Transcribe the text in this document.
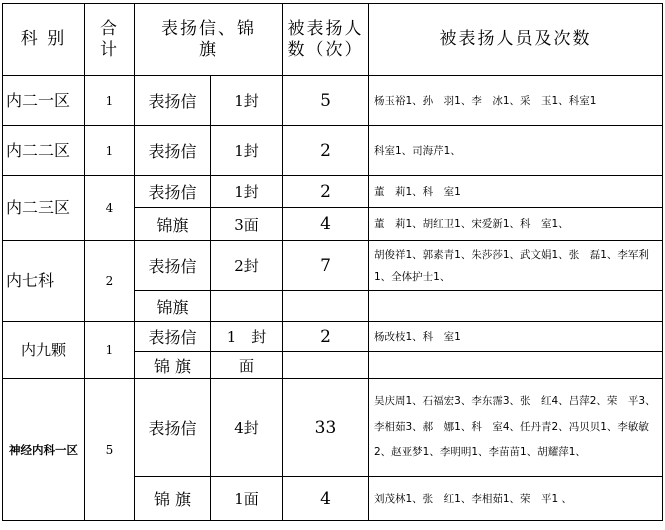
科 别	合计	表扬信、锦旗		被表扬人数（次）	被表扬人员及次数
内二一区	1	表扬信	1封	5	杨玉裕1、孙　羽1、李　冰1、采　玉1、科室1
内二二区	1	表扬信	1封	2	科室1、司海芹1、
内二三区	4	表扬信	1封	2	董　莉1、科　室1
		锦旗	3面	4	董　莉1、胡红卫1、宋爱新1、科　室1、
内七科	2	表扬信	2封	7	胡俊祥1、郭素青1、朱莎莎1、武文娟1、张　磊1、李军利1、全体护士1、
		锦旗			
内九颗	1	表扬信	1　封	2	杨改枝1、科　室1
		锦 旗	面		
神经内科一区	5	表扬信	4封	33	吴庆周1、石福宏3、李东霈3、张　红4、吕萍2、荣　平3、李相茹3、郝　娜1、科　室4、任丹青2、冯贝贝1、李敏敏2、赵亚梦1、李明明1、李苗苗1、胡耀萍1、
		锦 旗	1面	4	刘茂林1、张　红1、李相茹1、荣　平1 、
